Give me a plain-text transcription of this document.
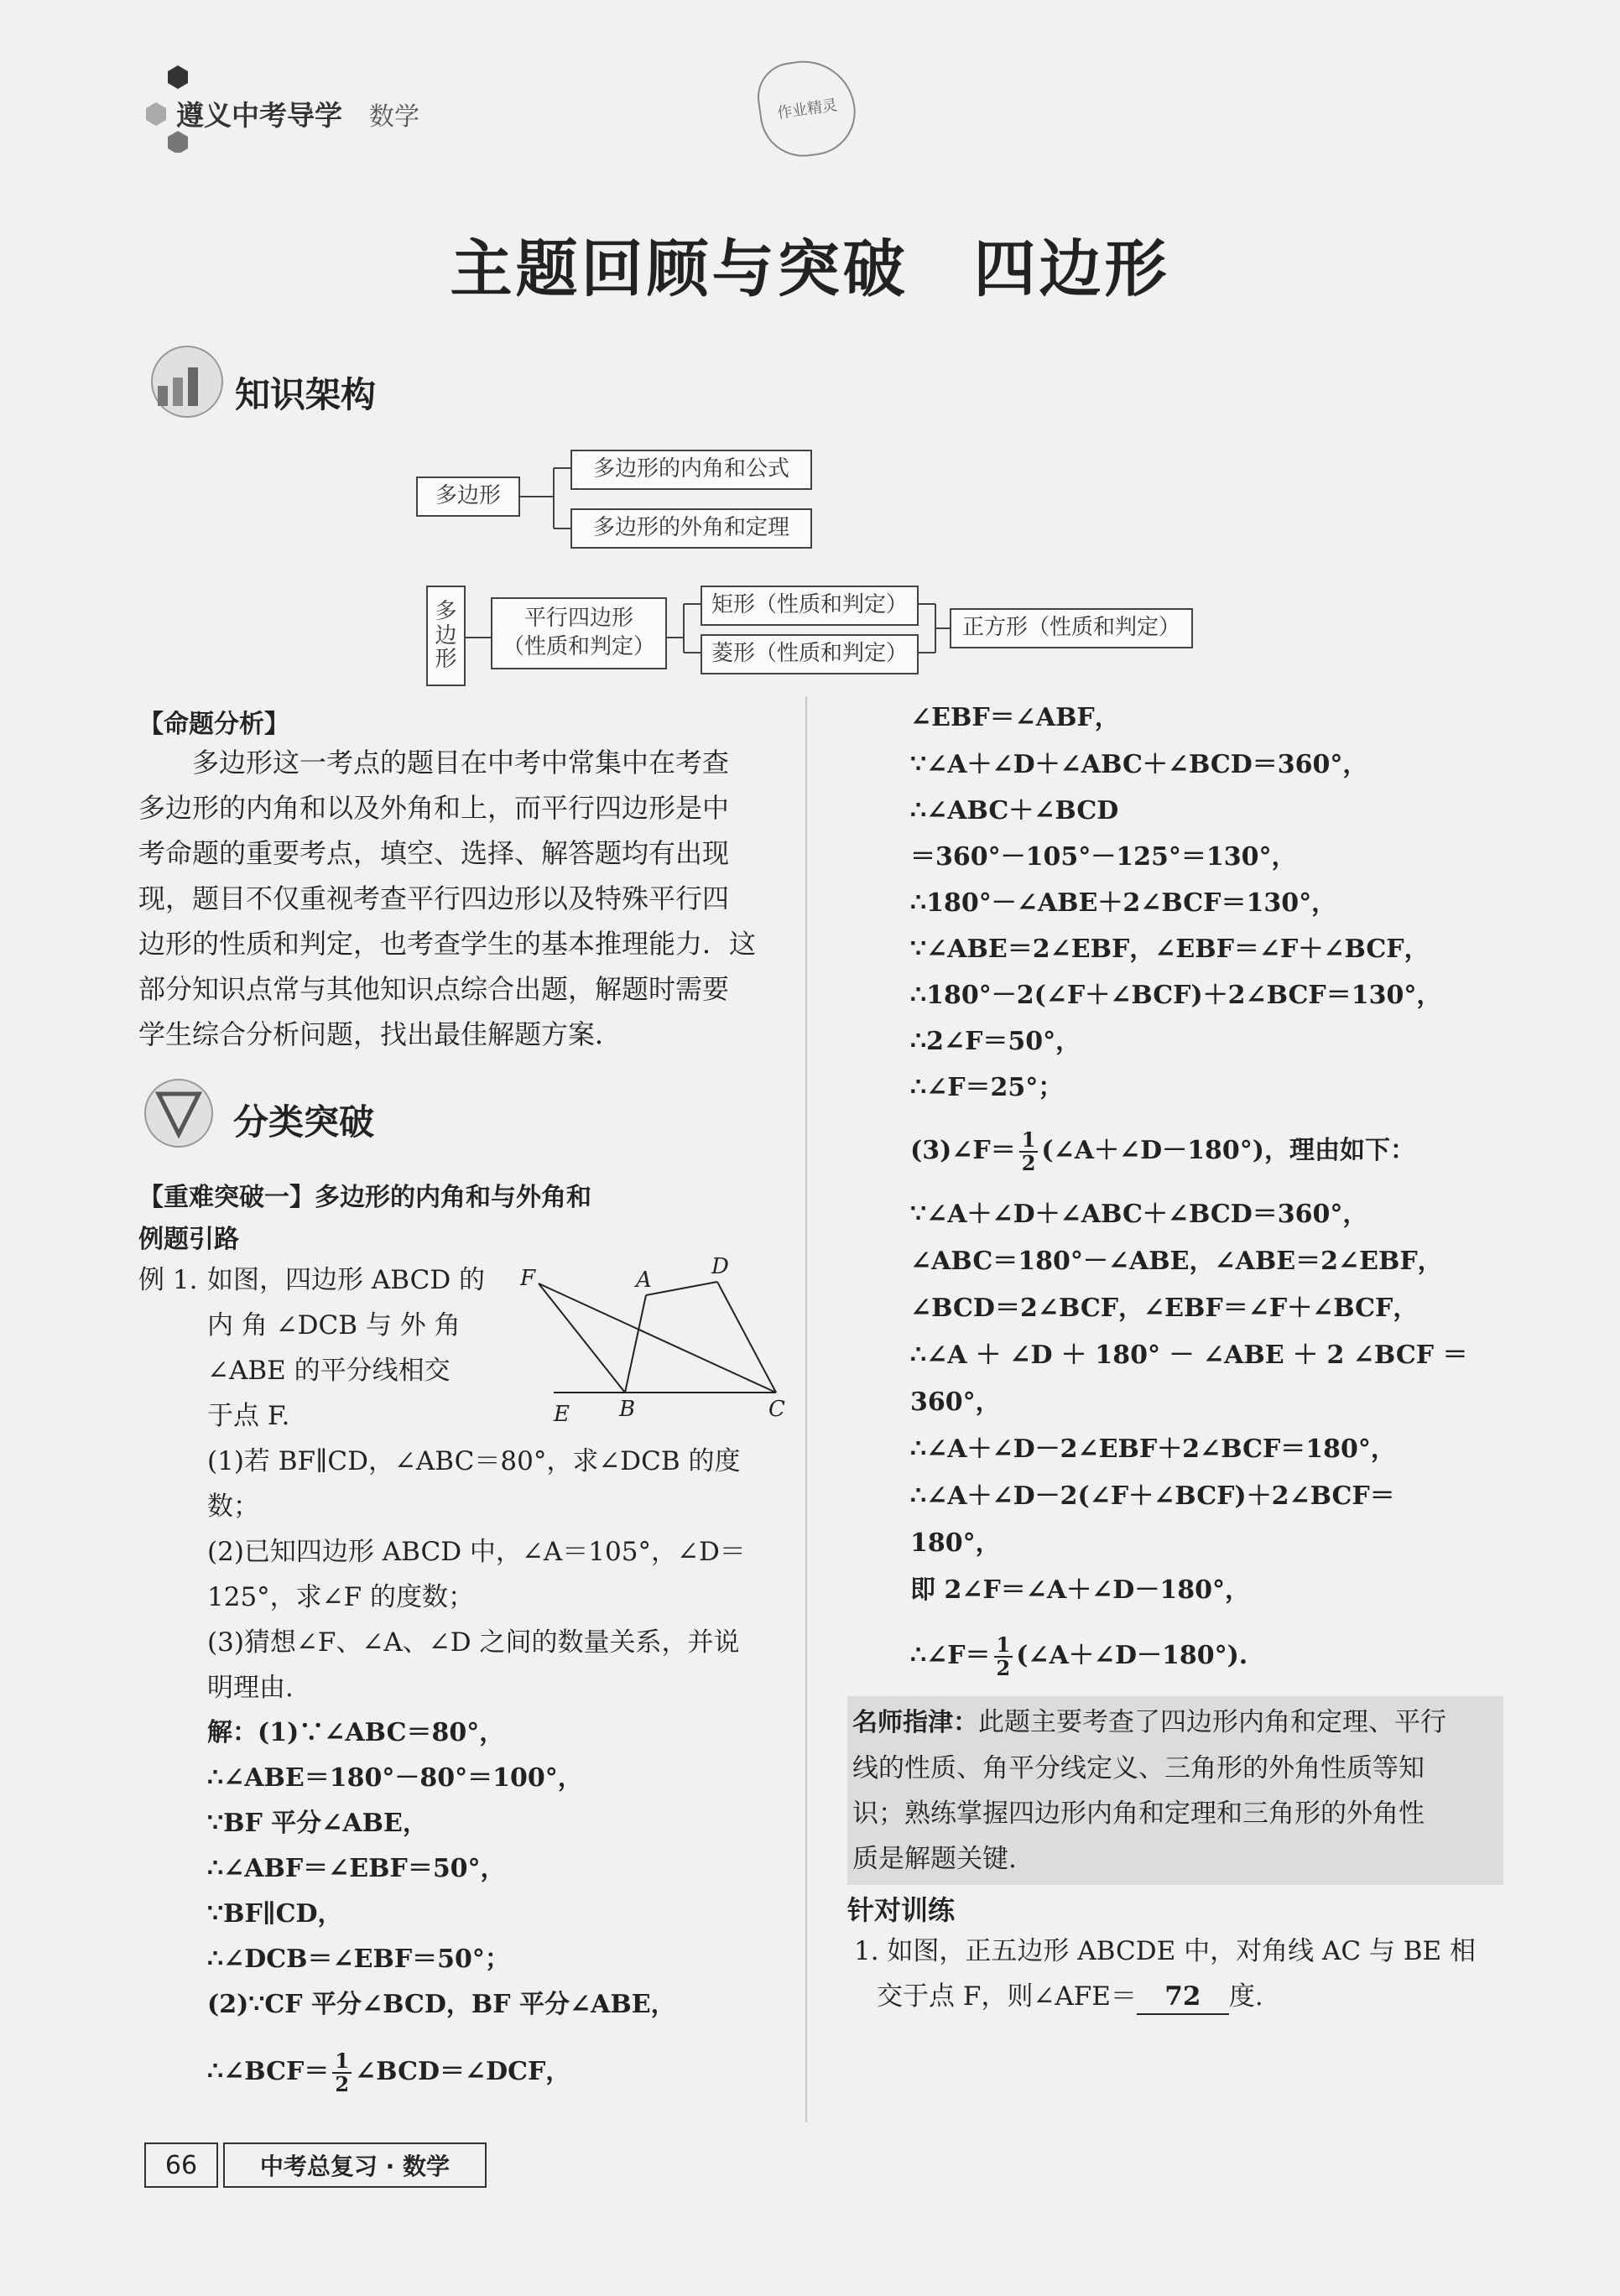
遵义中考导学 数学	作业精灵
主题回顾与突破　四边形
知识架构
多边形
多边形的内角和公式
多边形的外角和定理
多
边
形
平行四边形
（性质和判定）
矩形（性质和判定）
菱形（性质和判定）
正方形（性质和判定）
【命题分析】
　　多边形这一考点的题目在中考中常集中在考查
多边形的内角和以及外角和上，而平行四边形是中
考命题的重要考点，填空、选择、解答题均有出现
现，题目不仅重视考查平行四边形以及特殊平行四
边形的性质和判定，也考查学生的基本推理能力．这
部分知识点常与其他知识点综合出题，解题时需要
学生综合分析问题，找出最佳解题方案．
分类突破
【重难突破一】多边形的内角和与外角和
例题引路
例 1. 如图，四边形 ABCD 的
内 角 ∠DCB 与 外 角
∠ABE 的平分线相交
于点 F.
F	A
D
E B	C
(1)若 BF∥CD，∠ABC＝80°，求∠DCB 的度
数；
(2)已知四边形 ABCD 中，∠A＝105°，∠D＝
125°，求∠F 的度数；
(3)猜想∠F、∠A、∠D 之间的数量关系，并说
明理由.
解：(1)∵∠ABC＝80°，
∴∠ABE＝180°－80°＝100°，
∵BF 平分∠ABE，
∴∠ABF＝∠EBF＝50°，
∵BF∥CD，
∴∠DCB＝∠EBF＝50°；
(2)∵CF 平分∠BCD，BF 平分∠ABE，
∴∠BCF＝ $\frac{1}{2}$ ∠BCD＝∠DCF，
∠EBF＝∠ABF，
∵∠A＋∠D＋∠ABC＋∠BCD＝360°，
∴∠ABC＋∠BCD
＝360°－105°－125°＝130°，
∴180°－∠ABE＋2∠BCF＝130°，
∵∠ABE＝2∠EBF，∠EBF＝∠F＋∠BCF，
∴180°－2(∠F＋∠BCF)＋2∠BCF＝130°，
∴2∠F＝50°，
∴∠F＝25°；
(3)∠F＝ $\frac{1}{2}$ (∠A＋∠D－180°)，理由如下：
∵∠A＋∠D＋∠ABC＋∠BCD＝360°，
∠ABC＝180°－∠ABE，∠ABE＝2∠EBF，
∠BCD＝2∠BCF，∠EBF＝∠F＋∠BCF，
∴∠A ＋ ∠D ＋ 180° － ∠ABE ＋ 2 ∠BCF ＝
360°，
∴∠A＋∠D－2∠EBF＋2∠BCF＝180°，
∴∠A＋∠D－2(∠F＋∠BCF)＋2∠BCF＝
180°，
即 2∠F＝∠A＋∠D－180°，
∴∠F＝ $\frac{1}{2}$ (∠A＋∠D－180°).
名师指津：此题主要考查了四边形内角和定理、平行
线的性质、角平分线定义、三角形的外角性质等知
识；熟练掌握四边形内角和定理和三角形的外角性
质是解题关键.
针对训练
1. 如图，正五边形 ABCDE 中，对角线 AC 与 BE 相
交于点 F，则∠AFE＝ 72 度.
66	中考总复习 · 数学
